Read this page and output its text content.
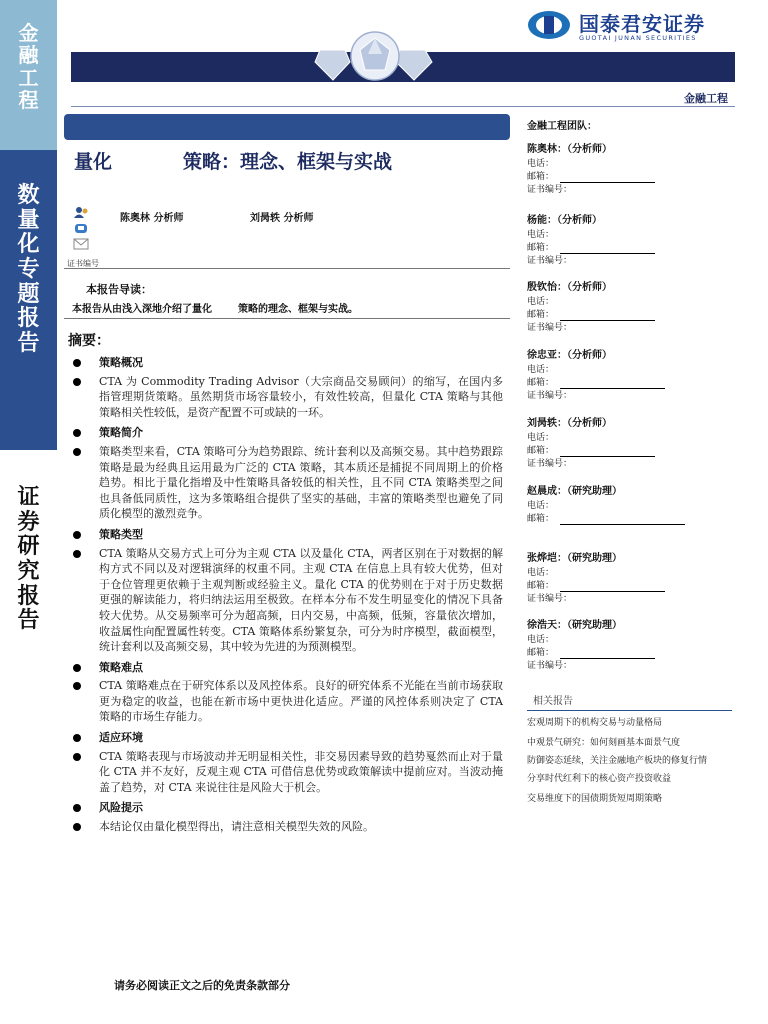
金
融
工
程
数
量
化
专
题
报
告
证
券
研
究
报
告
国泰君安证券
GUOTAI JUNAN SECURITIES
金融工程
量化	策略：理念、框架与实战
陈奥林 分析师	刘昺轶 分析师
证书编号
本报告导读：
本报告从由浅入深地介绍了量化	策略的理念、框架与实战。
摘要：
策略概况
CTA 为 Commodity Trading Advisor（大宗商品交易顾问）的缩写，在国内多指管理期货策略。虽然期货市场容量较小，有效性较高，但量化 CTA 策略与其他策略相关性较低，是资产配置不可或缺的一环。
策略简介
策略类型来看，CTA 策略可分为趋势跟踪、统计套利以及高频交易。其中趋势跟踪策略是最为经典且运用最为广泛的 CTA 策略，其本质还是捕捉不同周期上的价格趋势。相比于量化指增及中性策略具备较低的相关性，且不同 CTA 策略类型之间也具备低同质性，这为多策略组合提供了坚实的基础，丰富的策略类型也避免了同质化模型的激烈竞争。
策略类型
CTA 策略从交易方式上可分为主观 CTA 以及量化 CTA，两者区别在于对数据的解构方式不同以及对逻辑演绎的权重不同。主观 CTA 在信息上具有较大优势，但对于仓位管理更依赖于主观判断或经验主义。量化 CTA 的优势则在于对于历史数据更强的解读能力，将归纳法运用至极致。在样本分布不发生明显变化的情况下具备较大优势。从交易频率可分为超高频，日内交易，中高频，低频，容量依次增加，收益属性向配置属性转变。CTA 策略体系纷繁复杂，可分为时序模型，截面模型，统计套利以及高频交易，其中较为先进的为预测模型。
策略难点
CTA 策略难点在于研究体系以及风控体系。良好的研究体系不光能在当前市场获取更为稳定的收益，也能在新市场中更快进化适应。严谨的风控体系则决定了 CTA 策略的市场生存能力。
适应环境
CTA 策略表现与市场波动并无明显相关性，非交易因素导致的趋势戛然而止对于量化 CTA 并不友好，反观主观 CTA 可借信息优势或政策解读中提前应对。当波动掩盖了趋势，对 CTA 来说往往是风险大于机会。
风险提示
本结论仅由量化模型得出，请注意相关模型失效的风险。
金融工程团队：
陈奥林：（分析师）
电话：
邮箱：
证书编号：
杨能：（分析师）
电话：
邮箱：
证书编号：
殷钦怡：（分析师）
电话：
邮箱：
证书编号：
徐忠亚：（分析师）
电话：
邮箱：
证书编号：
刘昺轶：（分析师）
电话：
邮箱：
证书编号：
赵晨成：（研究助理）
电话：
邮箱：
张烨垲：（研究助理）
电话：
邮箱：
证书编号：
徐浩天：（研究助理）
电话：
邮箱：
证书编号：
相关报告
宏观周期下的机构交易与动量格局
中观景气研究：如何刻画基本面景气度
防御姿态延续，关注金融地产板块的修复行情
分享时代红利下的核心资产投资收益
交易维度下的国债期货短周期策略
请务必阅读正文之后的免责条款部分
